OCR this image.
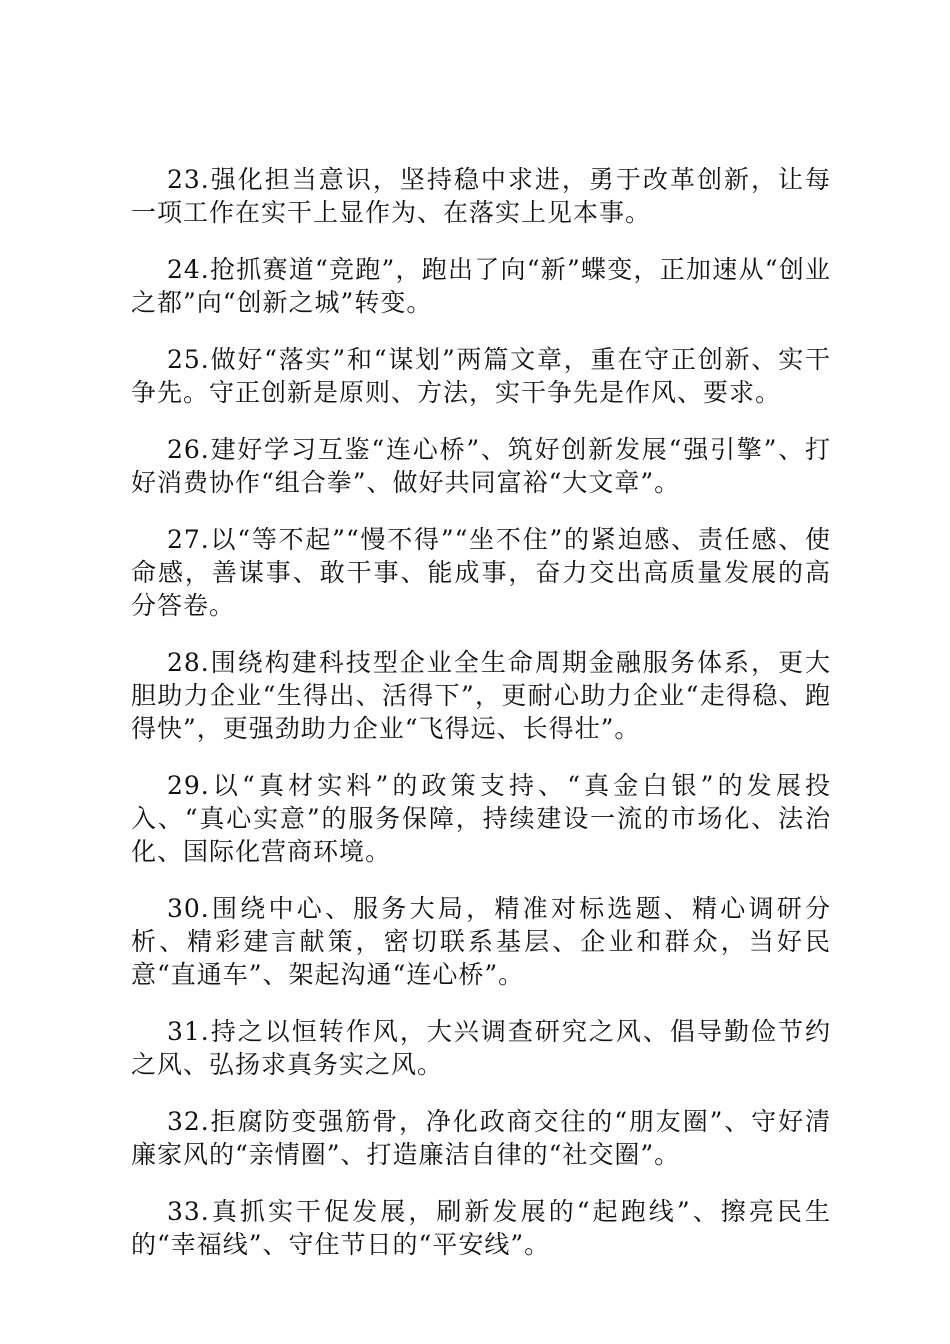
23.强化担当意识，坚持稳中求进，勇于改革创新，让每一项工作在实干上显作为、在落实上见本事。

24.抢抓赛道“竞跑”，跑出了向“新”蝶变，正加速从“创业之都”向“创新之城”转变。

25.做好“落实”和“谋划”两篇文章，重在守正创新、实干争先。守正创新是原则、方法，实干争先是作风、要求。

26.建好学习互鉴“连心桥”、筑好创新发展“强引擎”、打好消费协作“组合拳”、做好共同富裕“大文章”。

27.以“等不起”“慢不得”“坐不住”的紧迫感、责任感、使命感，善谋事、敢干事、能成事，奋力交出高质量发展的高分答卷。

28.围绕构建科技型企业全生命周期金融服务体系，更大胆助力企业“生得出、活得下”，更耐心助力企业“走得稳、跑得快”，更强劲助力企业“飞得远、长得壮”。

29.以“真材实料”的政策支持、“真金白银”的发展投入、“真心实意”的服务保障，持续建设一流的市场化、法治化、国际化营商环境。

30.围绕中心、服务大局，精准对标选题、精心调研分析、精彩建言献策，密切联系基层、企业和群众，当好民意“直通车”、架起沟通“连心桥”。

31.持之以恒转作风，大兴调查研究之风、倡导勤俭节约之风、弘扬求真务实之风。

32.拒腐防变强筋骨，净化政商交往的“朋友圈”、守好清廉家风的“亲情圈”、打造廉洁自律的“社交圈”。

33.真抓实干促发展，刷新发展的“起跑线”、擦亮民生的“幸福线”、守住节日的“平安线”。
